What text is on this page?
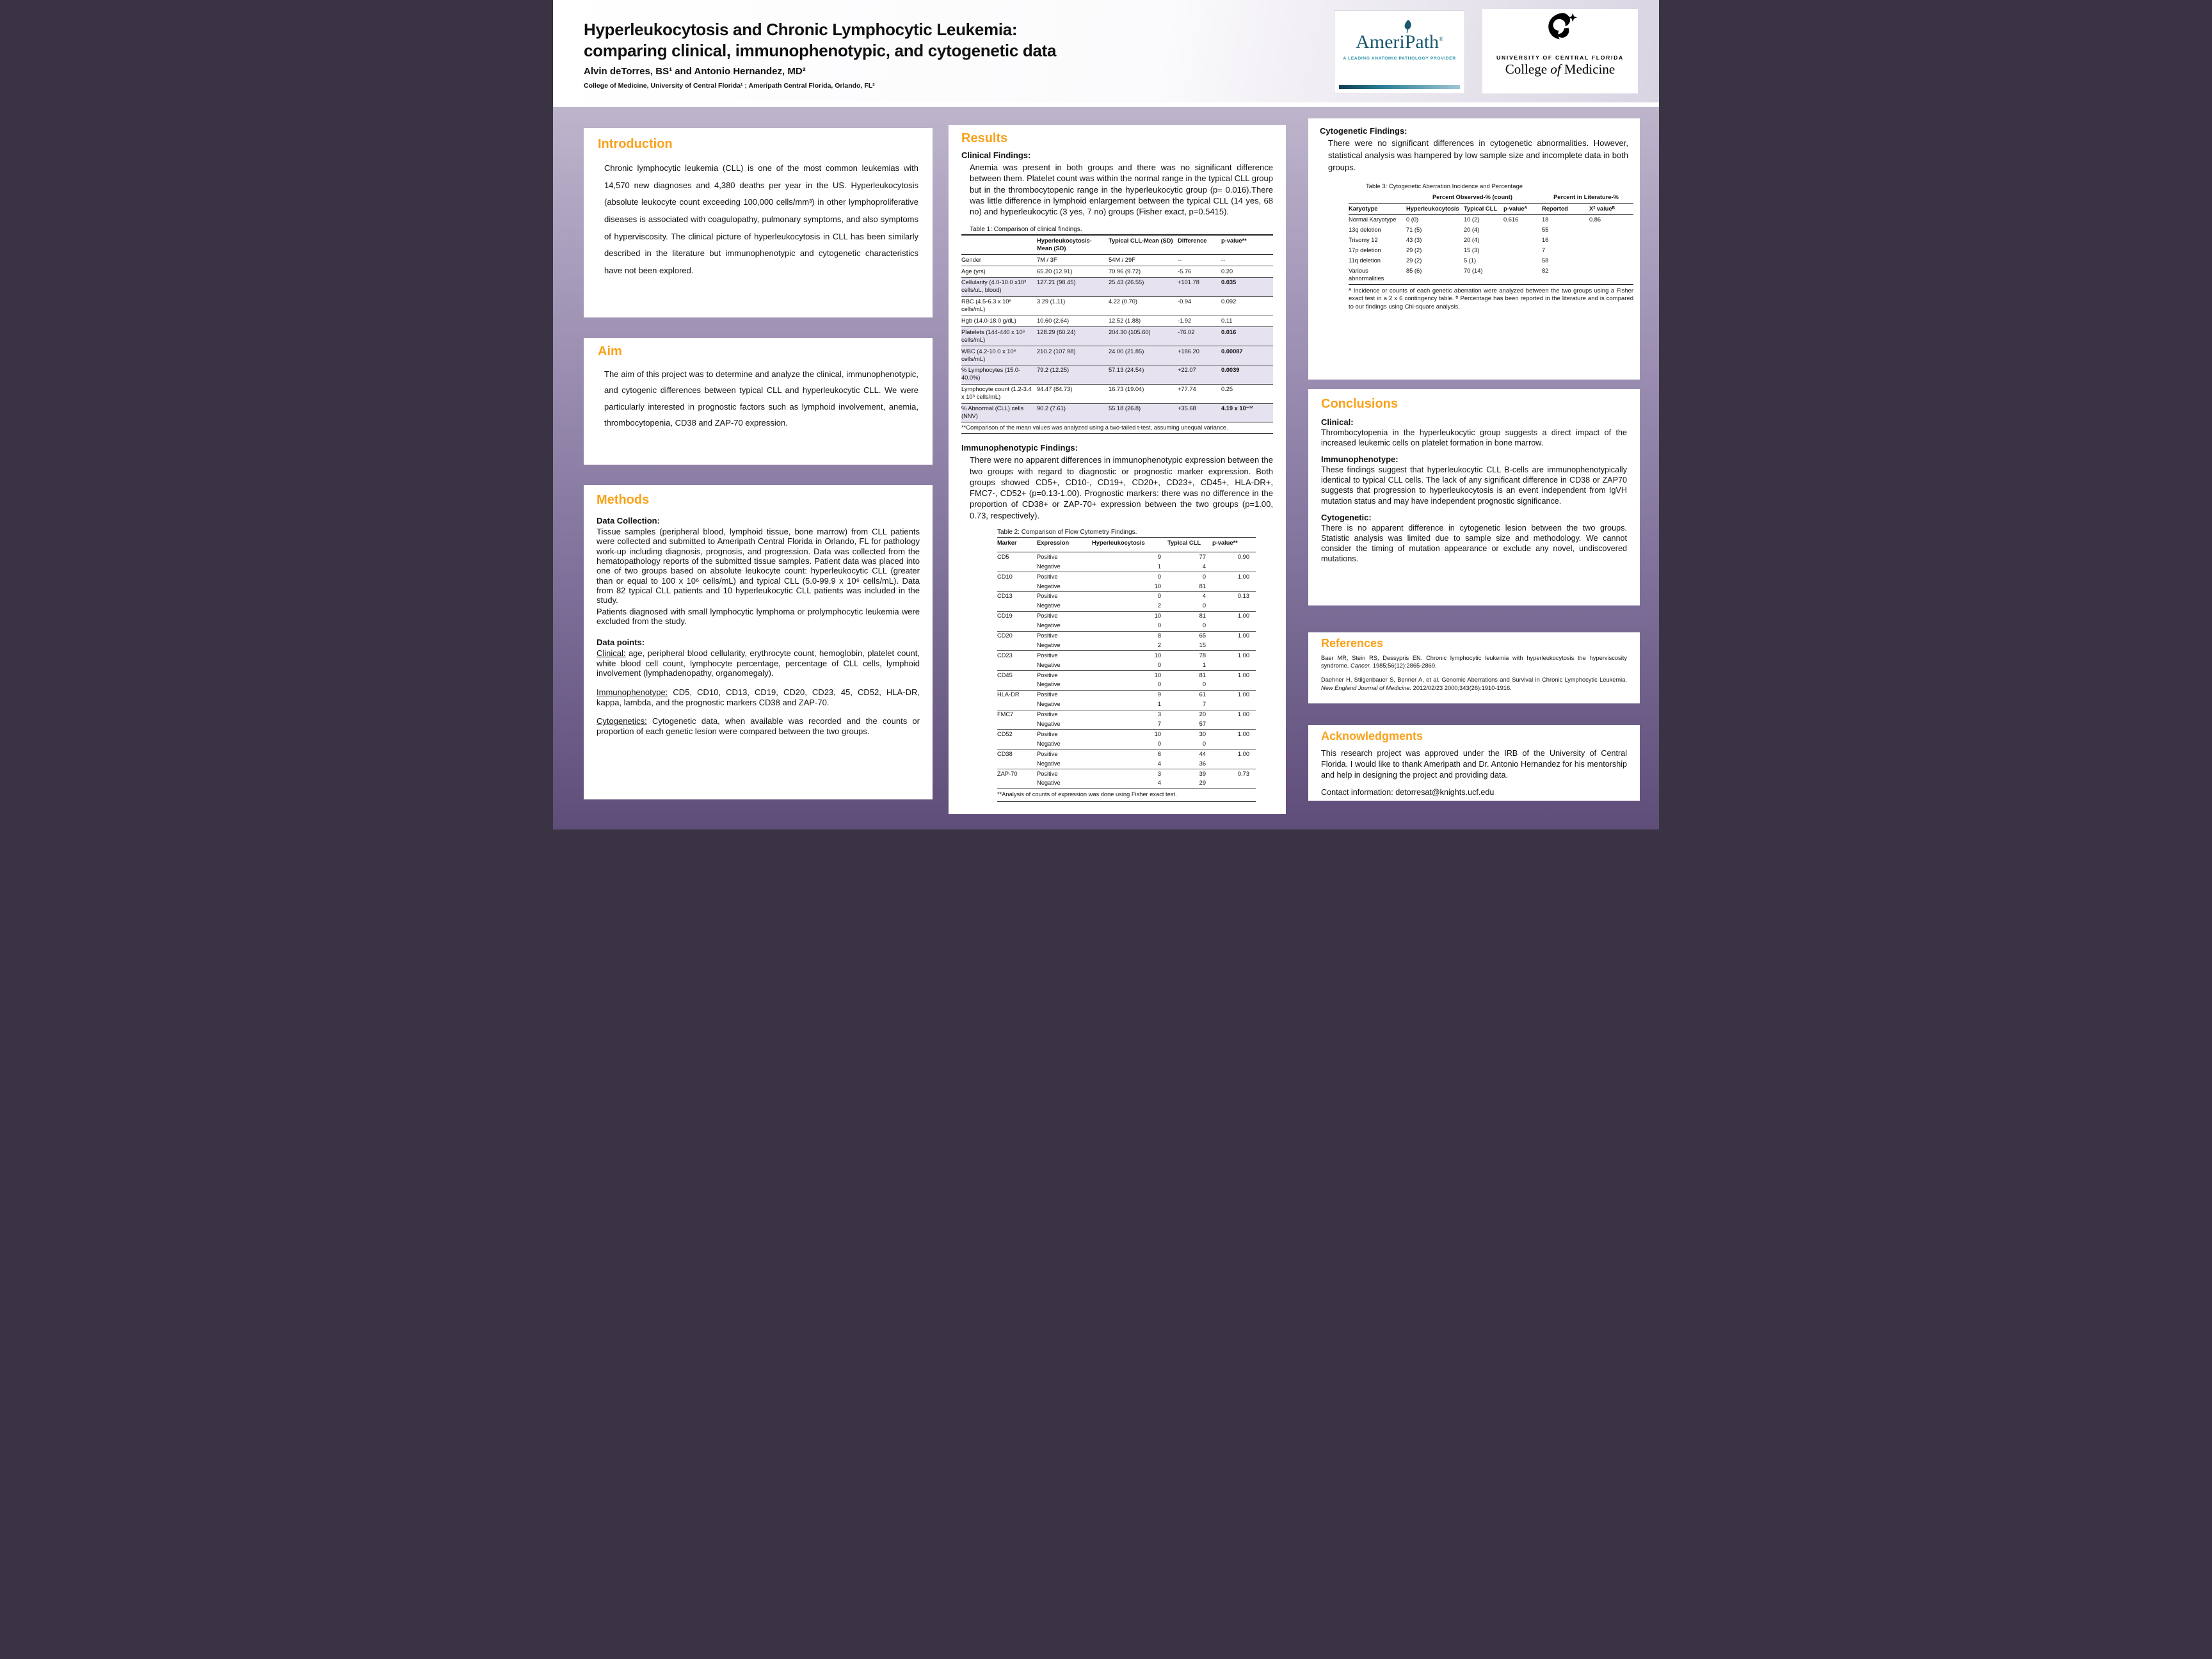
Hyperleukocytosis and Chronic Lymphocytic Leukemia:
comparing clinical, immunophenotypic, and cytogenetic data
Alvin deTorres, BS¹ and Antonio Hernandez, MD²
College of Medicine, University of Central Florida¹ ; Ameripath Central Florida, Orlando, FL²
AmeriPath®
A LEADING ANATOMIC PATHOLOGY PROVIDER	UNIVERSITY OF CENTRAL FLORIDA
College of Medicine
Introduction
Chronic lymphocytic leukemia (CLL) is one of the most common leukemias with 14,570 new diagnoses and 4,380 deaths per year in the US. Hyperleukocytosis (absolute leukocyte count exceeding 100,000 cells/mm³) in other lymphoproliferative diseases is associated with coagulopathy, pulmonary symptoms, and also symptoms of hyperviscosity. The clinical picture of hyperleukocytosis in CLL has been similarly described in the literature but immunophenotypic and cytogenetic characteristics have not been explored.
Aim
The aim of this project was to determine and analyze the clinical, immunophenotypic, and cytogenic differences between typical CLL and hyperleukocytic CLL. We were particularly interested in prognostic factors such as lymphoid involvement, anemia, thrombocytopenia, CD38 and ZAP-70 expression.
Methods
Data Collection:
Tissue samples (peripheral blood, lymphoid tissue, bone marrow) from CLL patients were collected and submitted to Ameripath Central Florida in Orlando, FL for pathology work-up including diagnosis, prognosis, and progression. Data was collected from the hematopathology reports of the submitted tissue samples. Patient data was placed into one of two groups based on absolute leukocyte count: hyperleukocytic CLL (greater than or equal to 100 x 10⁶ cells/mL) and typical CLL (5.0-99.9 x 10⁶ cells/mL). Data from 82 typical CLL patients and 10 hyperleukocytic CLL patients was included in the study.
Patients diagnosed with small lymphocytic lymphoma or prolymphocytic leukemia were excluded from the study.
Data points:
Clinical: age, peripheral blood cellularity, erythrocyte count, hemoglobin, platelet count, white blood cell count, lymphocyte percentage, percentage of CLL cells, lymphoid involvement (lymphadenopathy, organomegaly).
Immunophenotype: CD5, CD10, CD13, CD19, CD20, CD23, 45, CD52, HLA-DR, kappa, lambda, and the prognostic markers CD38 and ZAP-70.
Cytogenetics: Cytogenetic data, when available was recorded and the counts or proportion of each genetic lesion were compared between the two groups.
Results
Clinical Findings:
Anemia was present in both groups and there was no significant difference between them. Platelet count was within the normal range in the typical CLL group but in the thrombocytopenic range in the hyperleukocytic group (p= 0.016).There was little difference in lymphoid enlargement between the typical CLL (14 yes, 68 no) and hyperleukocytic (3 yes, 7 no) groups (Fisher exact, p=0.5415).
Table 1: Comparison of clinical findings.
	Hyperleukocytosis-Mean (SD)	Typical CLL-Mean (SD)	Difference	p-value**
Gender	7M / 3F	54M / 29F	--	--
Age (yrs)	65.20 (12.91)	70.96 (9.72)	-5.76	0.20
Cellularity (4.0-10.0 x10³ cells/uL, blood)	127.21 (98.45)	25.43 (26.55)	+101.78	0.035
RBC (4.5-6.3 x 10⁶ cells/mL)	3.29 (1.11)	4.22 (0.70)	-0.94	0.092
Hgb (14.0-18.0 g/dL)	10.60 (2.64)	12.52 (1.88)	-1.92	0.11
Platelets (144-440 x 10⁶ cells/mL)	128.29 (60.24)	204.30 (105.60)	-76.02	0.016
WBC (4.2-10.0 x 10⁶ cells/mL)	210.2 (107.98)	24.00 (21.85)	+186.20	0.00087
% Lymphocytes (15.0-40.0%)	79.2 (12.25)	57.13 (24.54)	+22.07	0.0039
Lymphocyte count (1.2-3.4 x 10⁶ cells/mL)	94.47 (84.73)	16.73 (19.04)	+77.74	0.25
% Abnormal (CLL) cells (NNV)	90.2 (7.61)	55.18 (26.8)	+35.68	4.19 x 10⁻¹²
**Comparison of the mean values was analyzed using a two-tailed t-test, assuming unequal variance.
Immunophenotypic Findings:
There were no apparent differences in immunophenotypic expression between the two groups with regard to diagnostic or prognostic marker expression. Both groups showed CD5+, CD10-, CD19+, CD20+, CD23+, CD45+, HLA-DR+, FMC7-, CD52+ (p=0.13-1.00). Prognostic markers: there was no difference in the proportion of CD38+ or ZAP-70+ expression between the two groups (p=1.00, 0.73, respectively).
Table 2: Comparison of Flow Cytometry Findings.
Marker	Expression	Hyperleukocytosis	Typical CLL	p-value**
CD5	Positive	9	77	0.90
	Negative	1	4	
CD10	Positive	0	0	1.00
	Negative	10	81	
CD13	Positive	0	4	0.13
	Negative	2	0	
CD19	Positive	10	81	1.00
	Negative	0	0	
CD20	Positive	8	65	1.00
	Negative	2	15	
CD23	Positive	10	78	1.00
	Negative	0	1	
CD45	Positive	10	81	1.00
	Negative	0	0	
HLA-DR	Positive	9	61	1.00
	Negative	1	7	
FMC7	Positive	3	20	1.00
	Negative	7	57	
CD52	Positive	10	30	1.00
	Negative	0	0	
CD38	Positive	6	44	1.00
	Negative	4	36	
ZAP-70	Positive	3	39	0.73
	Negative	4	29	
**Analysis of counts of expression was done using Fisher exact test.
Cytogenetic Findings:
There were no significant differences in cytogenetic abnormalities. However, statistical analysis was hampered by low sample size and incomplete data in both groups.
Table 3: Cytogenetic Aberration Incidence and Percentage
	Percent Observed-% (count)			Percent in Literature-%	
Karyotype	Hyperleukocytosis	Typical CLL	p-valueᴬ	Reported	X² valueᴮ
Normal Karyotype	0 (0)	10 (2)	0.616	18	0.86
13q deletion	71 (5)	20 (4)		55	
Trisomy 12	43 (3)	20 (4)		16	
17p deletion	29 (2)	15 (3)		7	
11q deletion	29 (2)	5 (1)		58	
Various abnormalities	85 (6)	70 (14)		82	
ᴬ Incidence or counts of each genetic aberration were analyzed between the two groups using a Fisher exact test in a 2 x 6 contingency table. ᴮ Percentage has been reported in the literature and is compared to our findings using Chi-square analysis.
Conclusions
Clinical:
Thrombocytopenia in the hyperleukocytic group suggests a direct impact of the increased leukemic cells on platelet formation in bone marrow.
Immunophenotype:
These findings suggest that hyperleukocytic CLL B-cells are immunophenotypically identical to typical CLL cells. The lack of any significant difference in CD38 or ZAP70 suggests that progression to hyperleukocytosis is an event independent from IgVH mutation status and may have independent prognostic significance.
Cytogenetic:
There is no apparent difference in cytogenetic lesion between the two groups. Statistic analysis was limited due to sample size and methodology. We cannot consider the timing of mutation appearance or exclude any novel, undiscovered mutations.
References

Baer MR, Stein RS, Dessypris EN. Chronic lymphocytic leukemia with hyperleukocytosis the hyperviscosity syndrome. Cancer. 1985;56(12):2865-2869.

Daehner H, Stilgenbauer S, Benner A, et al. Genomic Aberrations and Survival in Chronic Lymphocytic Leukemia. New England Journal of Medicine. 2012/02/23 2000;343(26):1910-1916.

Acknowledgments
This research project was approved under the IRB of the University of Central Florida. I would like to thank Ameripath and Dr. Antonio Hernandez for his mentorship and help in designing the project and providing data.
Contact information: detorresat@knights.ucf.edu
